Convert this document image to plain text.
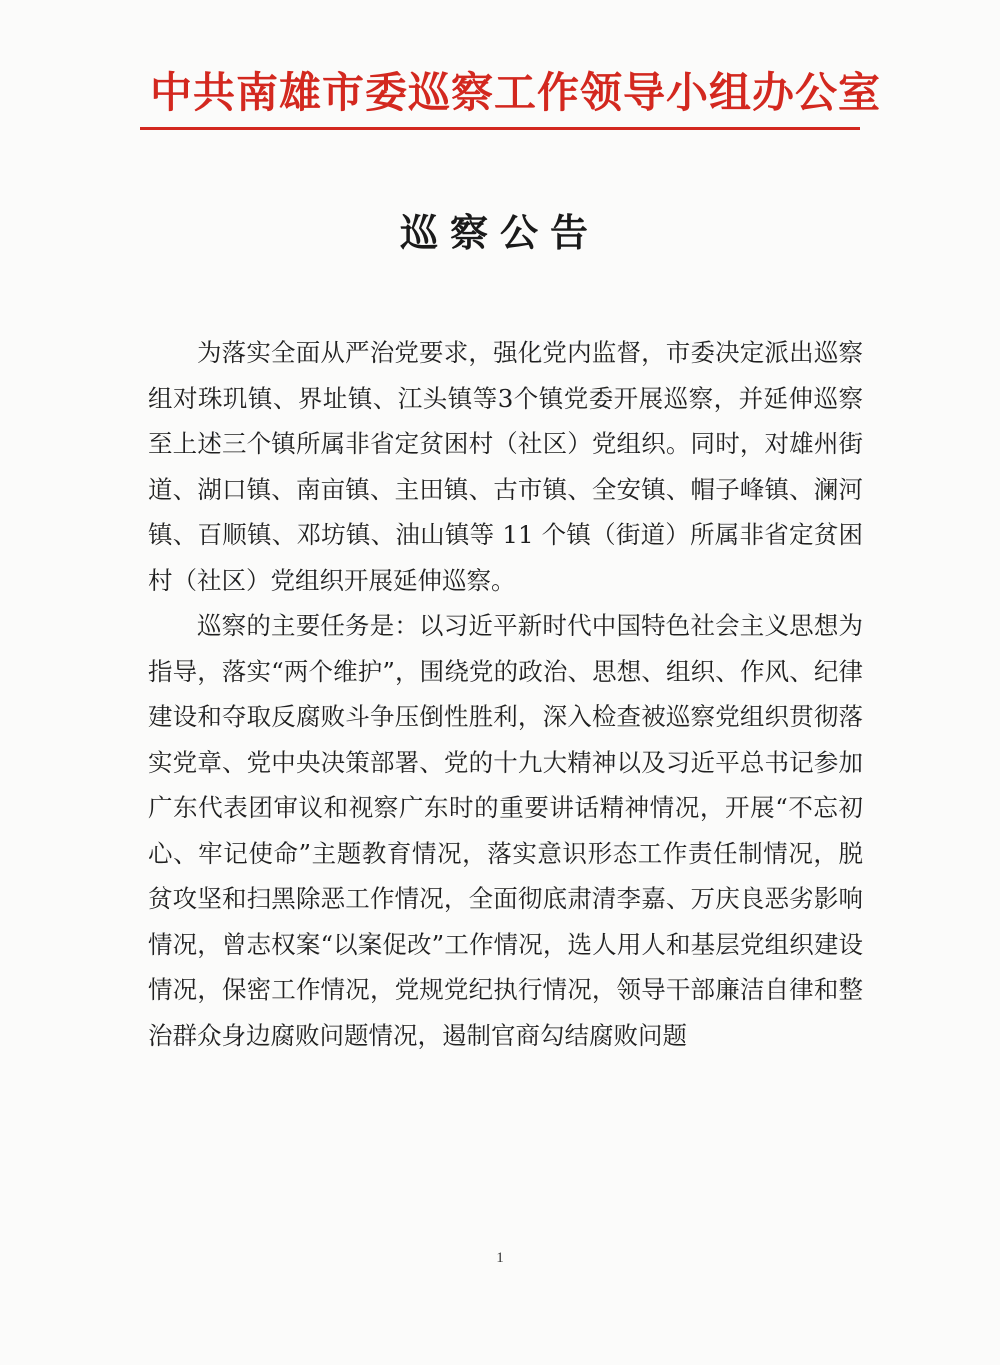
中共南雄市委巡察工作领导小组办公室
巡察公告

为落实全面从严治党要求，强化党内监督，市委决定派出巡察组对珠玑镇、界址镇、江头镇等3个镇党委开展巡察，并延伸巡察至上述三个镇所属非省定贫困村（社区）党组织。同时，对雄州街道、湖口镇、南亩镇、主田镇、古市镇、全安镇、帽子峰镇、澜河镇、百顺镇、邓坊镇、油山镇等 11 个镇（街道）所属非省定贫困村（社区）党组织开展延伸巡察。

巡察的主要任务是：以习近平新时代中国特色社会主义思想为指导，落实“两个维护”，围绕党的政治、思想、组织、作风、纪律建设和夺取反腐败斗争压倒性胜利，深入检查被巡察党组织贯彻落实党章、党中央决策部署、党的十九大精神以及习近平总书记参加广东代表团审议和视察广东时的重要讲话精神情况，开展“不忘初心、牢记使命”主题教育情况，落实意识形态工作责任制情况，脱贫攻坚和扫黑除恶工作情况，全面彻底肃清李嘉、万庆良恶劣影响情况，曾志权案“以案促改”工作情况，选人用人和基层党组织建设情况，保密工作情况，党规党纪执行情况，领导干部廉洁自律和整治群众身边腐败问题情况，遏制官商勾结腐败问题

1
